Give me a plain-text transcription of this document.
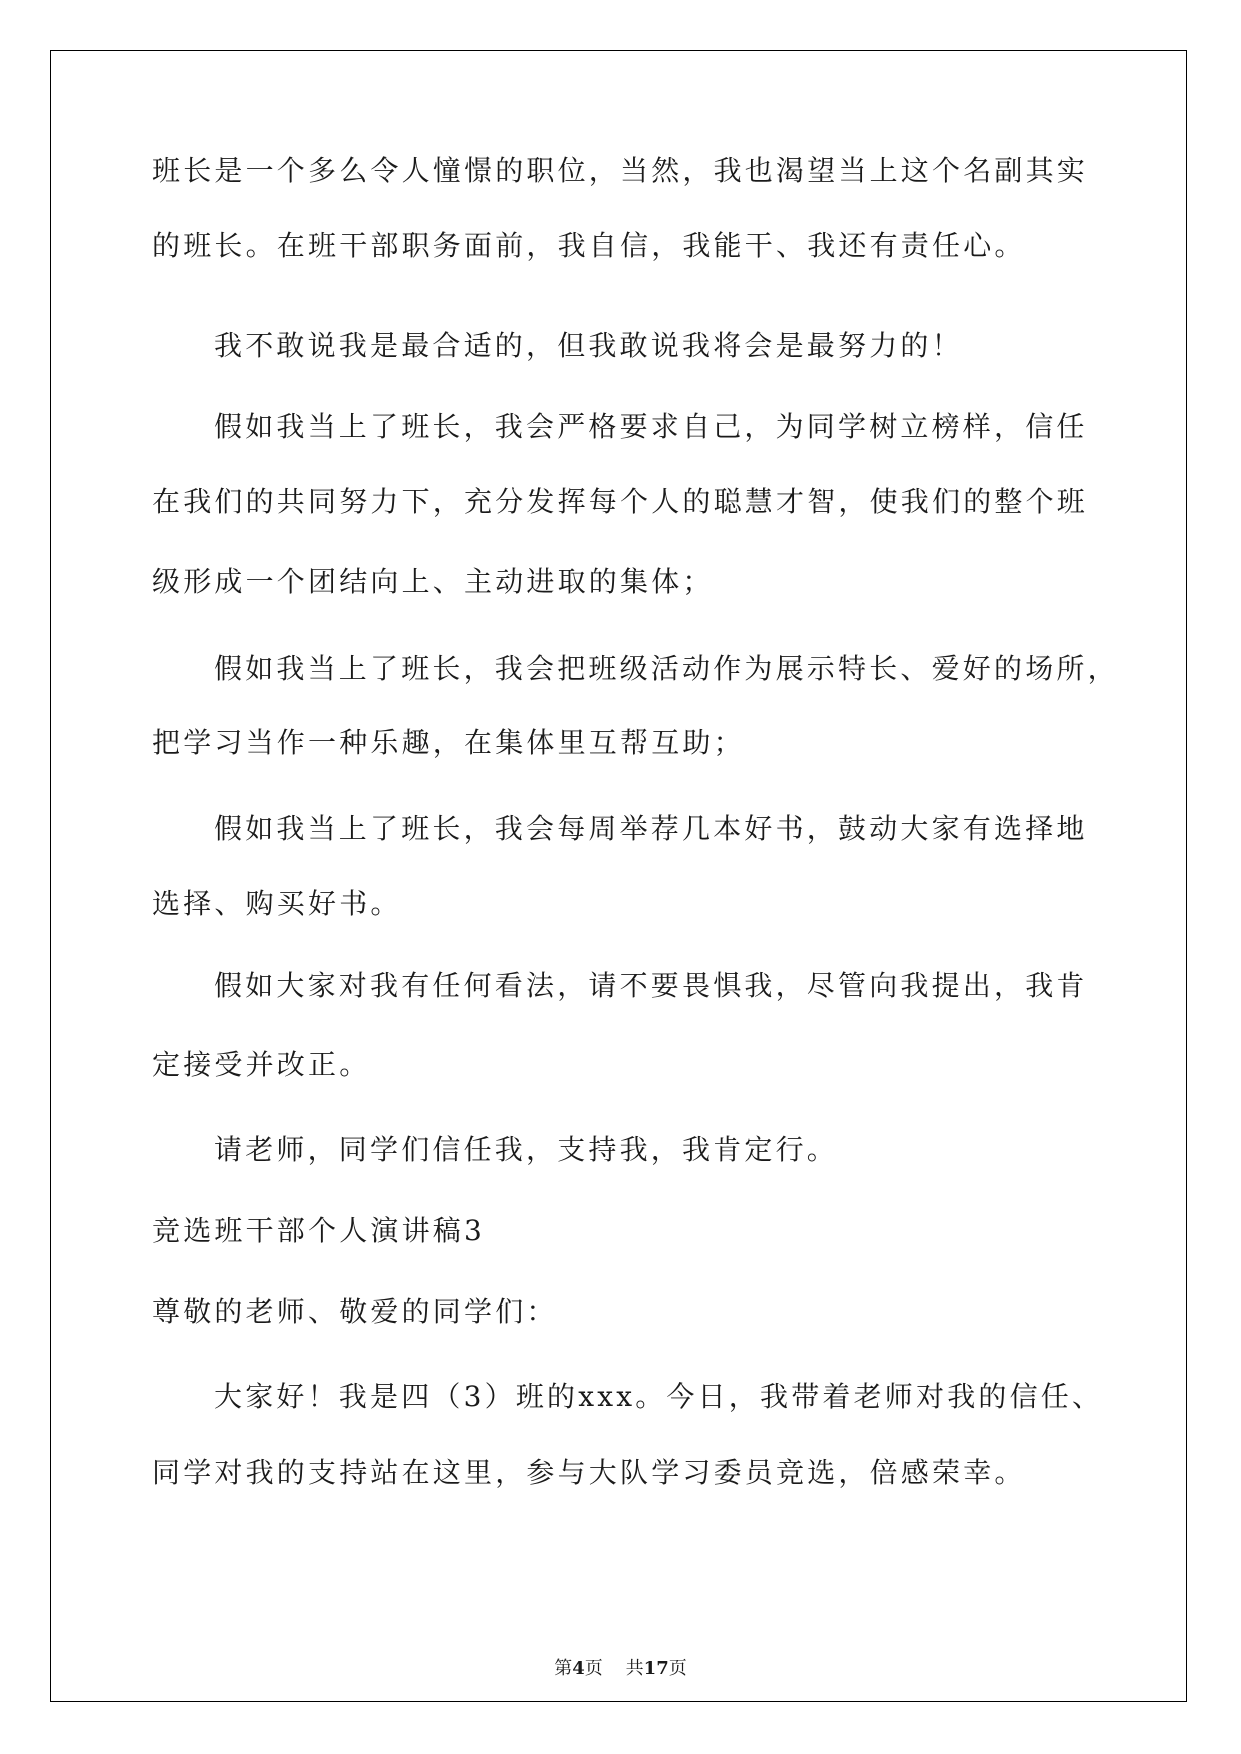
班长是一个多么令人憧憬的职位，当然，我也渴望当上这个名副其实

的班长。在班干部职务面前，我自信，我能干、我还有责任心。

我不敢说我是最合适的，但我敢说我将会是最努力的！

假如我当上了班长，我会严格要求自己，为同学树立榜样，信任

在我们的共同努力下，充分发挥每个人的聪慧才智，使我们的整个班

级形成一个团结向上、主动进取的集体；

假如我当上了班长，我会把班级活动作为展示特长、爱好的场所，

把学习当作一种乐趣，在集体里互帮互助；

假如我当上了班长，我会每周举荐几本好书，鼓动大家有选择地

选择、购买好书。

假如大家对我有任何看法，请不要畏惧我，尽管向我提出，我肯

定接受并改正。

请老师，同学们信任我，支持我，我肯定行。

竞选班干部个人演讲稿3

尊敬的老师、敬爱的同学们：

大家好！我是四（3）班的xxx。今日，我带着老师对我的信任、

同学对我的支持站在这里，参与大队学习委员竞选，倍感荣幸。

第4页 共17页
